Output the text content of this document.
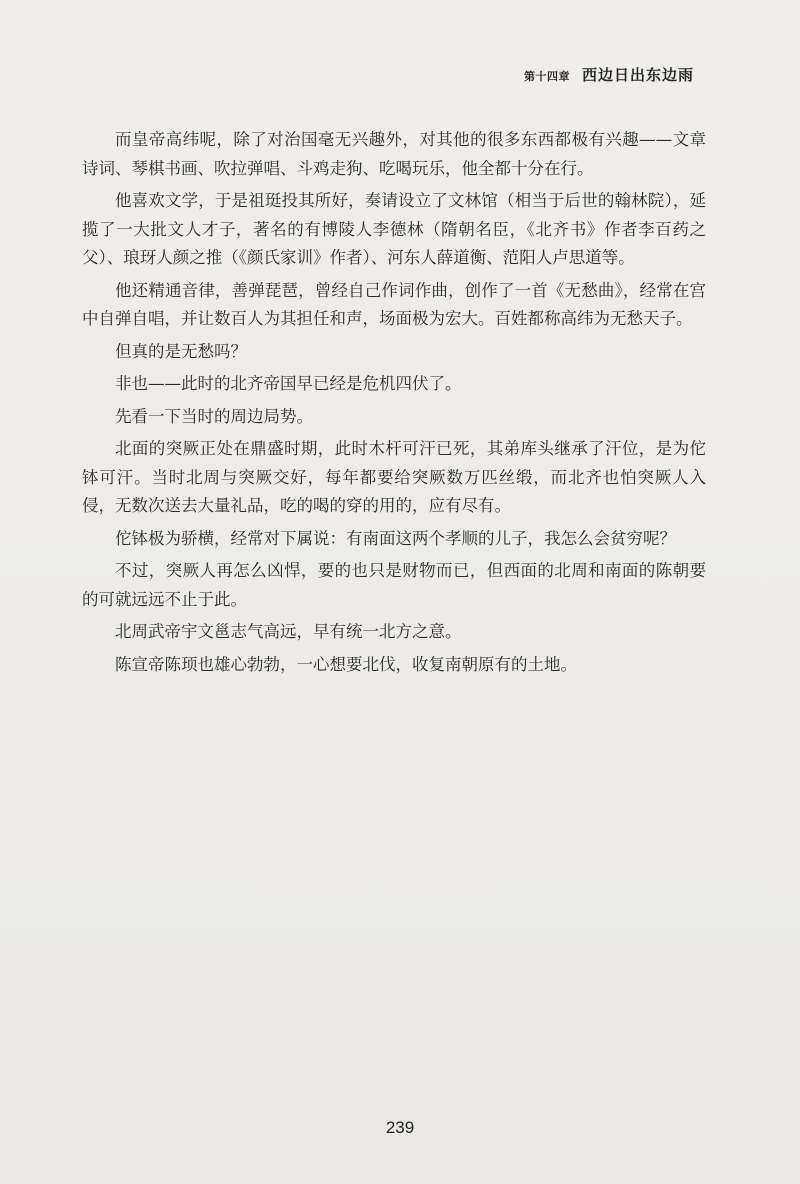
第十四章 西边日出东边雨

而皇帝高纬呢，除了对治国毫无兴趣外，对其他的很多东西都极有兴趣——文章诗词、琴棋书画、吹拉弹唱、斗鸡走狗、吃喝玩乐，他全都十分在行。

他喜欢文学，于是祖珽投其所好，奏请设立了文林馆（相当于后世的翰林院），延揽了一大批文人才子，著名的有博陵人李德林（隋朝名臣，《北齐书》作者李百药之父）、琅玡人颜之推（《颜氏家训》作者）、河东人薛道衡、范阳人卢思道等。

他还精通音律，善弹琵琶，曾经自己作词作曲，创作了一首《无愁曲》，经常在宫中自弹自唱，并让数百人为其担任和声，场面极为宏大。百姓都称高纬为无愁天子。

但真的是无愁吗？

非也——此时的北齐帝国早已经是危机四伏了。

先看一下当时的周边局势。

北面的突厥正处在鼎盛时期，此时木杆可汗已死，其弟库头继承了汗位，是为佗钵可汗。当时北周与突厥交好，每年都要给突厥数万匹丝缎，而北齐也怕突厥人入侵，无数次送去大量礼品，吃的喝的穿的用的，应有尽有。

佗钵极为骄横，经常对下属说：有南面这两个孝顺的儿子，我怎么会贫穷呢？

不过，突厥人再怎么凶悍，要的也只是财物而已，但西面的北周和南面的陈朝要的可就远远不止于此。

北周武帝宇文邕志气高远，早有统一北方之意。

陈宣帝陈顼也雄心勃勃，一心想要北伐，收复南朝原有的土地。

239
